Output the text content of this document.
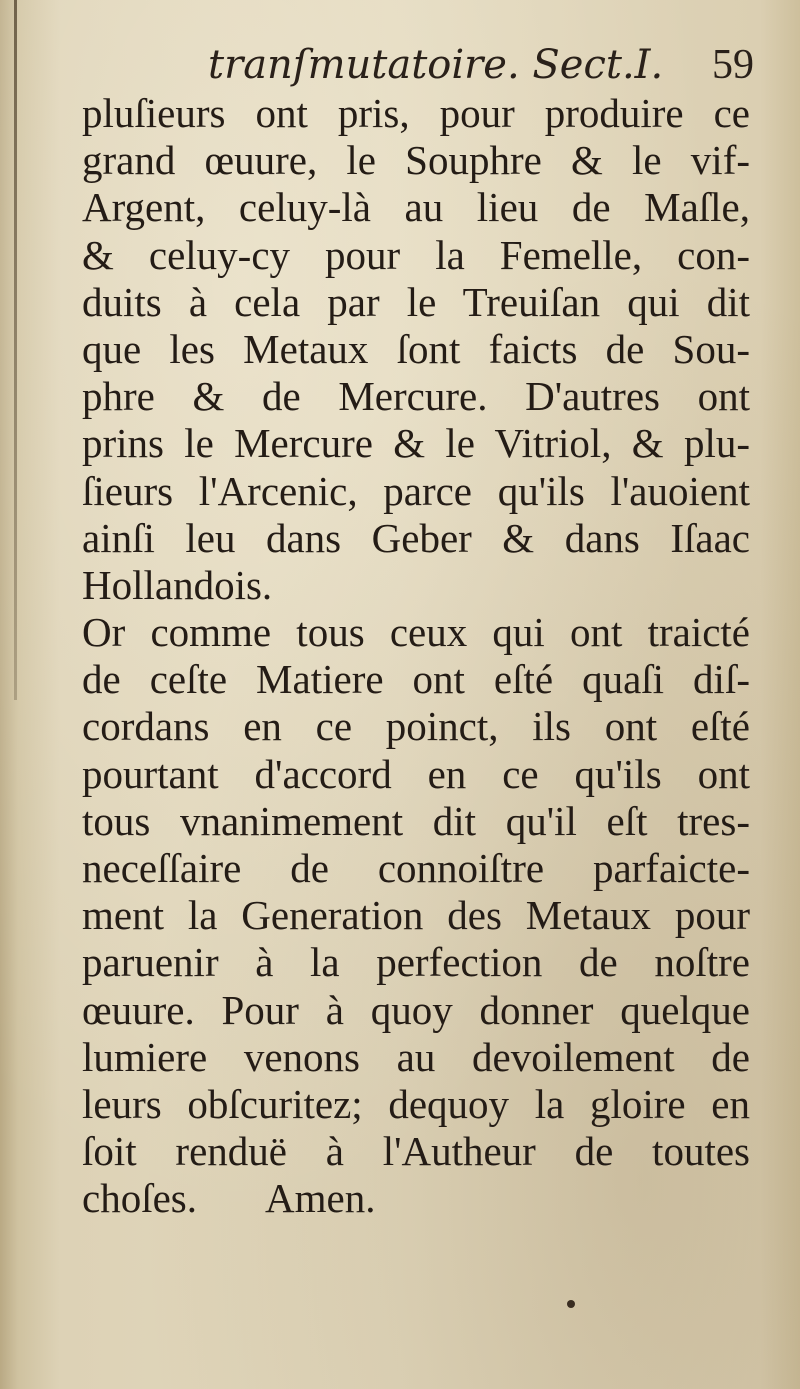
tranſmutatoire. Sect.I. 59
pluſieurs ont pris, pour produire ce
grand œuure, le Souphre & le vif-
Argent, celuy-là au lieu de Maſle,
& celuy-cy pour la Femelle, con-
duits à cela par le Treuiſan qui dit
que les Metaux ſont faicts de Sou-
phre & de Mercure. D'autres ont
prins le Mercure & le Vitriol, & plu-
ſieurs l'Arcenic, parce qu'ils l'auoient
ainſi leu dans Geber & dans Iſaac
Hollandois.
Or comme tous ceux qui ont traicté
de ceſte Matiere ont eſté quaſi diſ-
cordans en ce poinct, ils ont eſté
pourtant d'accord en ce qu'ils ont
tous vnanimement dit qu'il eſt tres-
neceſſaire de connoiſtre parfaicte-
ment la Generation des Metaux pour
paruenir à la perfection de noſtre
œuure. Pour à quoy donner quelque
lumiere venons au devoilement de
leurs obſcuritez; dequoy la gloire en
ſoit renduë à l'Autheur de toutes
choſes. Amen.
